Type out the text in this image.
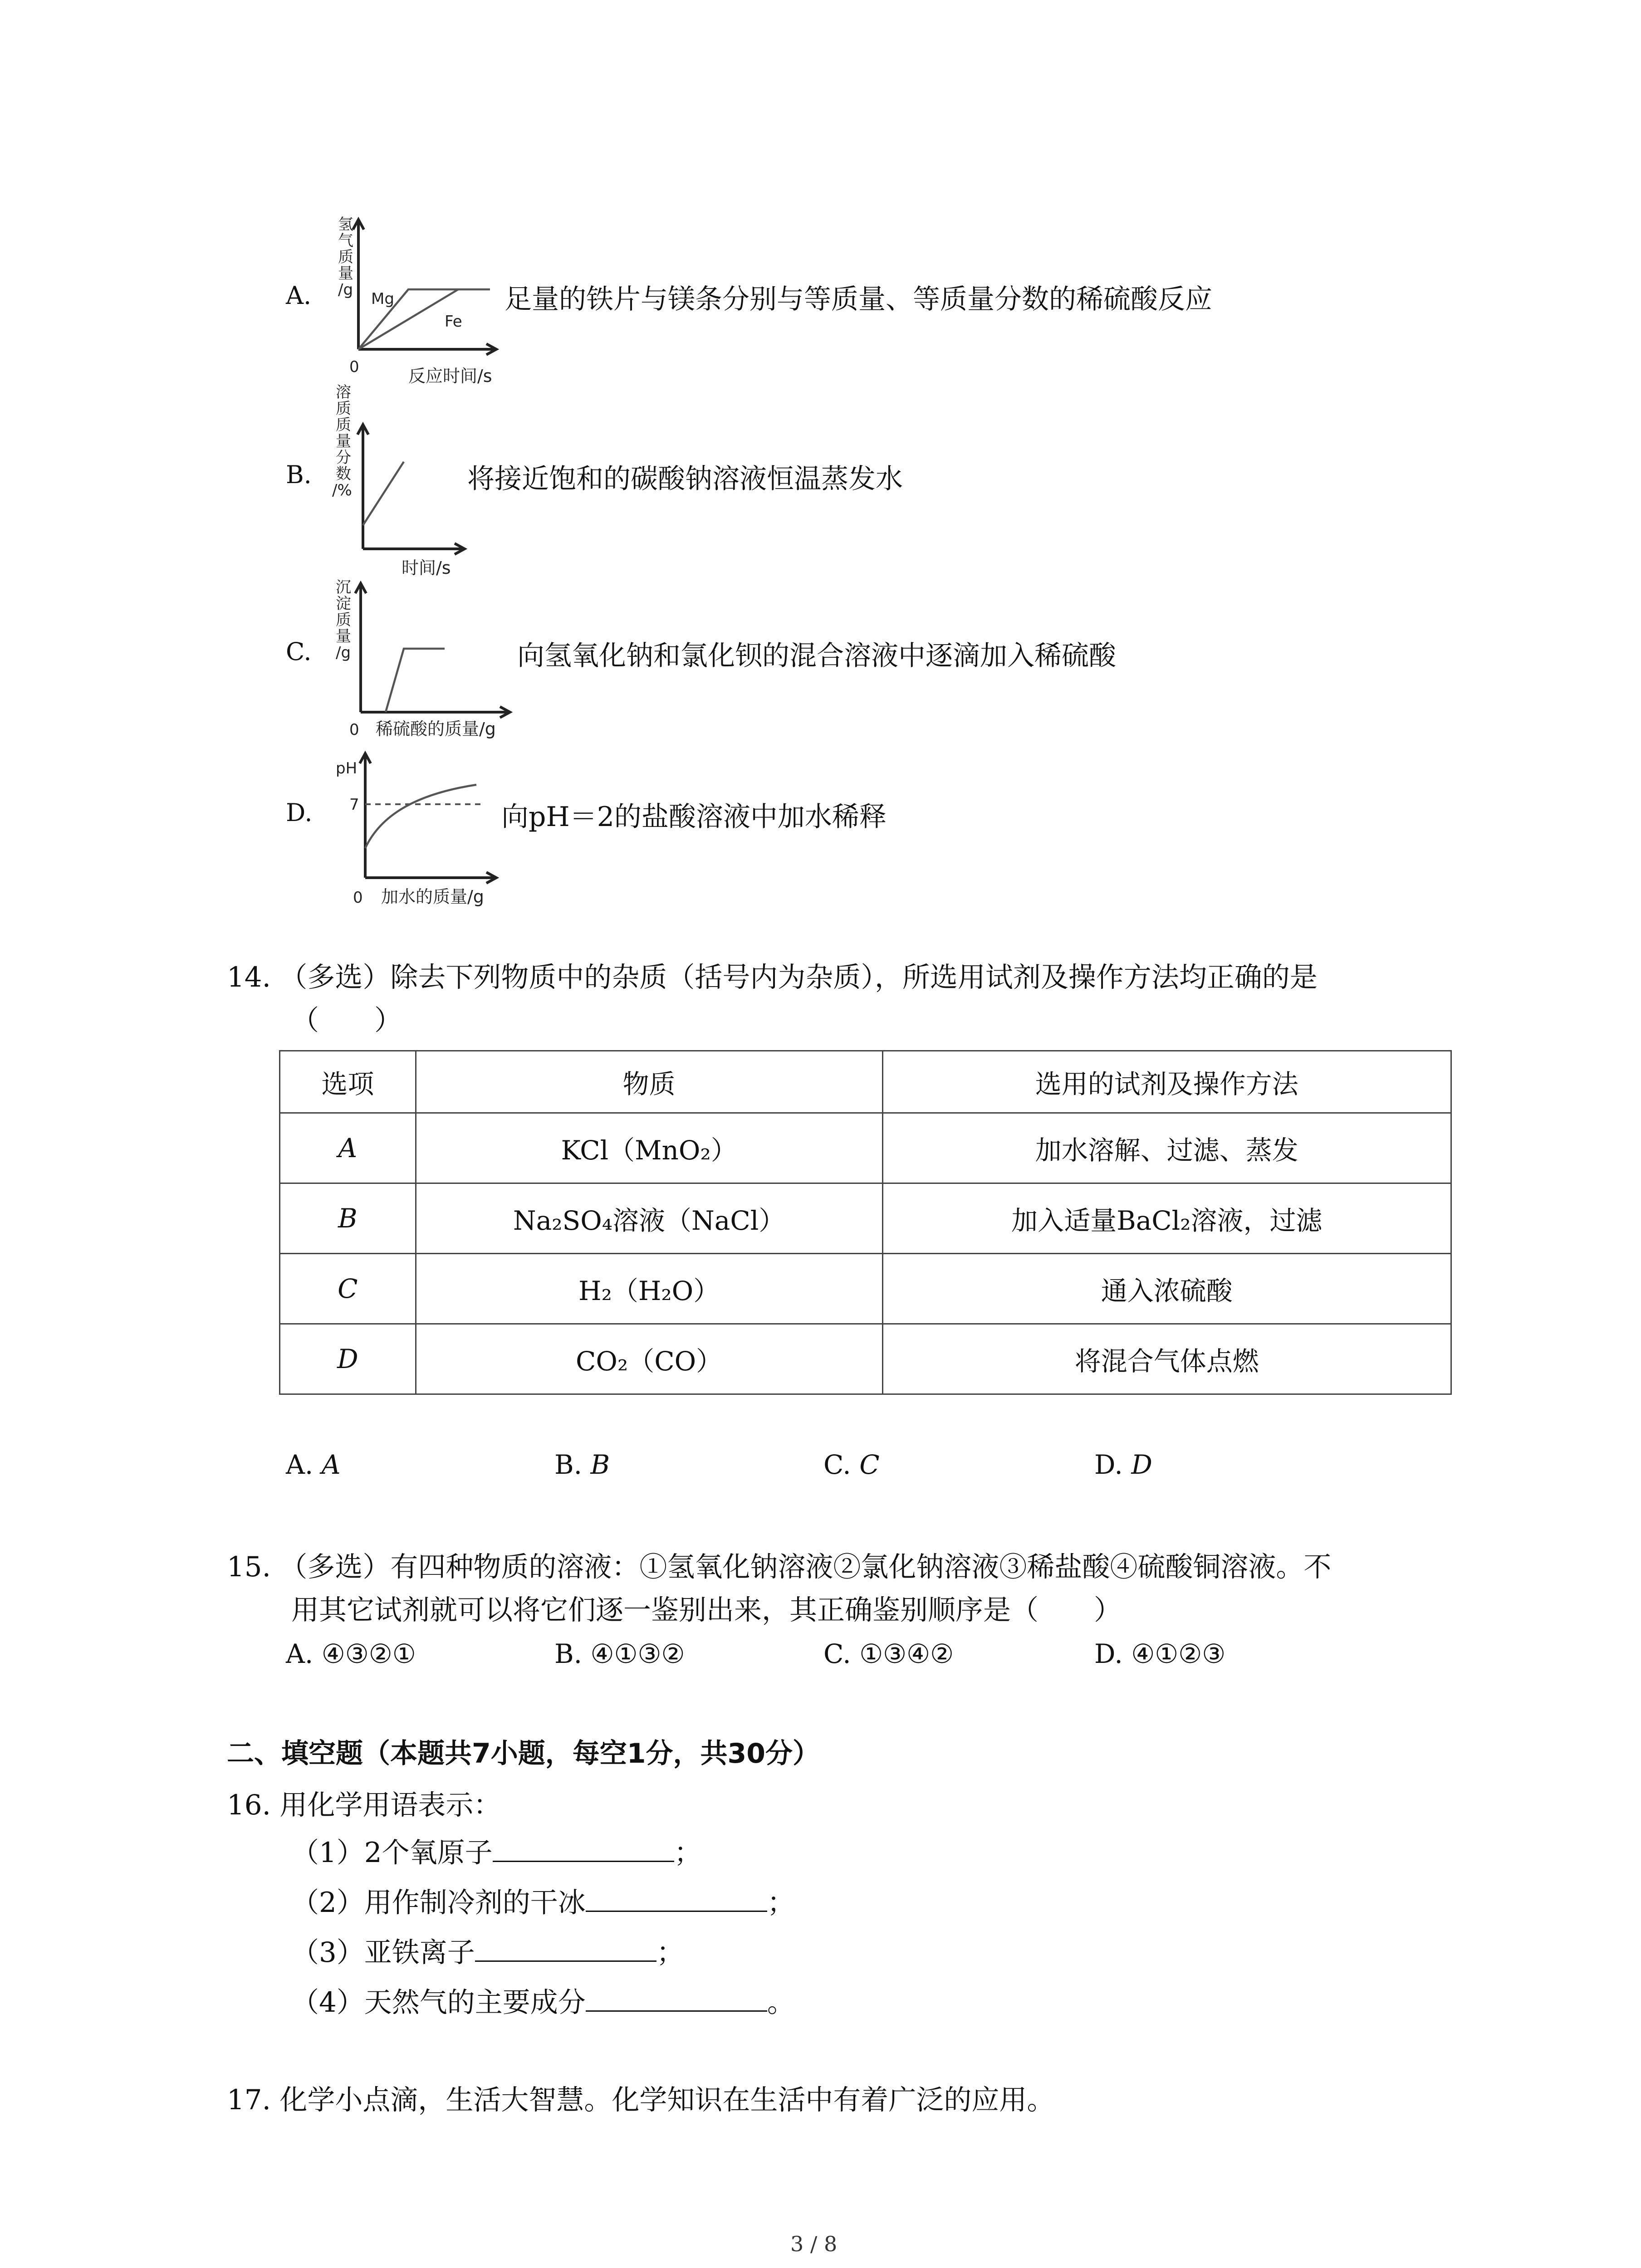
A.
氢
气
质
量
/g Mg
Fe
0	反应时间/s
足量的铁片与镁条分别与等质量、等质量分数的稀硫酸反应
B.
溶
质
质
量
分
数
/%
时间/s
将接近饱和的碳酸钠溶液恒温蒸发水
C.
沉
淀
质
量
/g
0 稀硫酸的质量/g
向氢氧化钠和氯化钡的混合溶液中逐滴加入稀硫酸
D.
pH
7
0 加水的质量/g
向pH＝2的盐酸溶液中加水稀释
14. （多选）除去下列物质中的杂质（括号内为杂质），所选用试剂及操作方法均正确的是
（　　）
选项	物质	选用的试剂及操作方法
A	KCl（MnO₂）	加水溶解、过滤、蒸发
B	Na₂SO₄溶液（NaCl）	加入适量BaCl₂溶液，过滤
C	H₂（H₂O）	通入浓硫酸
D	CO₂（CO）	将混合气体点燃
A. A	B. B	C. C	D. D
15. （多选）有四种物质的溶液：①氢氧化钠溶液②氯化钠溶液③稀盐酸④硫酸铜溶液。不
用其它试剂就可以将它们逐一鉴别出来，其正确鉴别顺序是（　　）
A. ④③②①	B. ④①③②	C. ①③④②	D. ④①②③
二、填空题（本题共7小题，每空1分，共30分）
16. 用化学用语表示：
（1）2个氧原子	；
（2）用作制冷剂的干冰	；
（3）亚铁离子	；
（4）天然气的主要成分	。
17. 化学小点滴，生活大智慧。化学知识在生活中有着广泛的应用。
3 / 8
